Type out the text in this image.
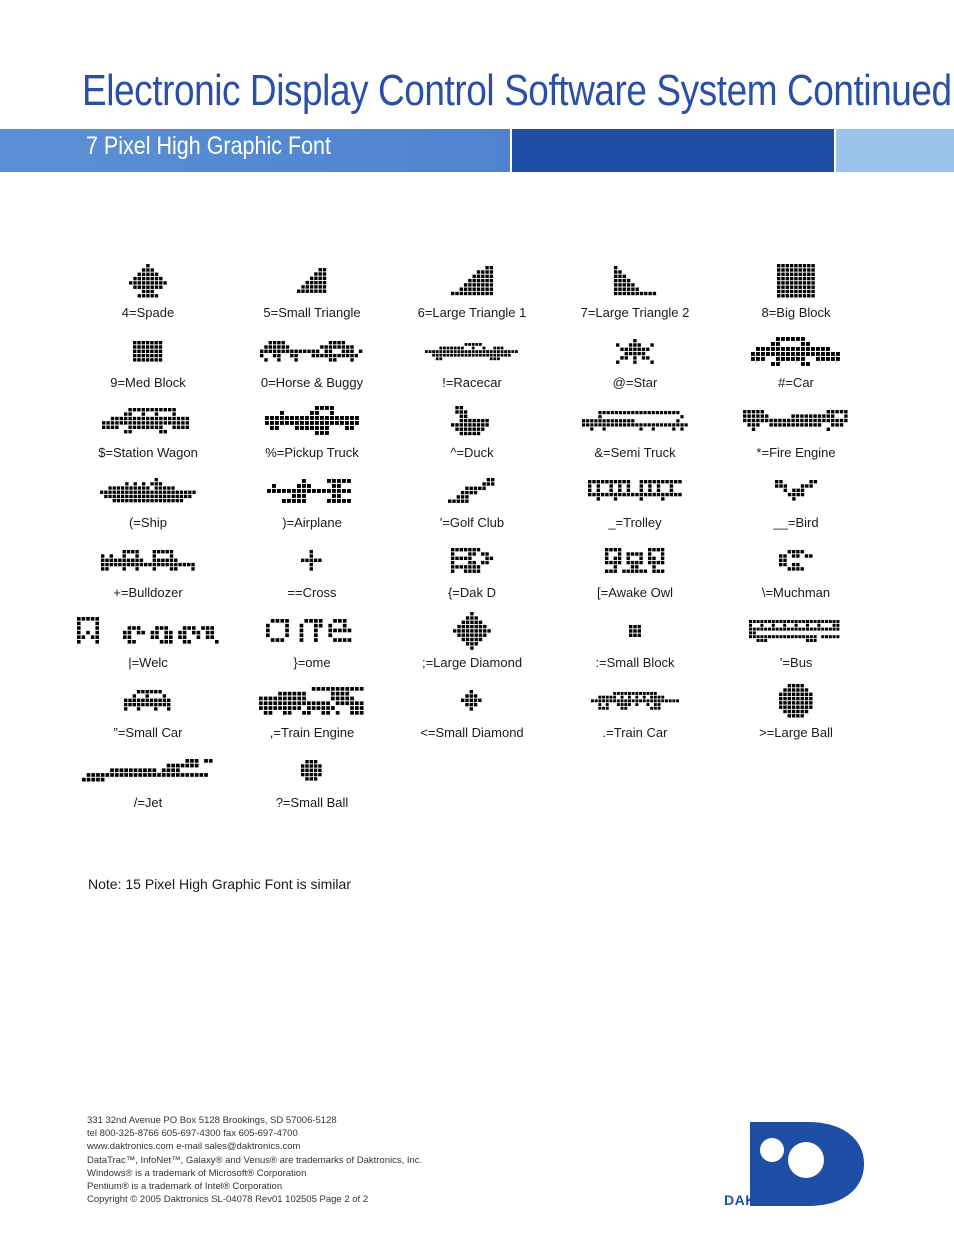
Electronic Display Control Software System Continued
7 Pixel High Graphic Font
4=Spade	5=Small Triangle	6=Large Triangle 1	7=Large Triangle 2	8=Big Block
9=Med Block	0=Horse & Buggy	!=Racecar	@=Star	#=Car
$=Station Wagon	%=Pickup Truck	^=Duck	&=Semi Truck	*=Fire Engine
(=Ship	)=Airplane	'=Golf Club	_=Trolley	__=Bird
+=Bulldozer	==Cross	{=Dak D	[=Awake Owl	\=Muchman
|=Welc	}=ome	;=Large Diamond	:=Small Block	’=Bus
”=Small Car	,=Train Engine	<=Small Diamond	.=Train Car	>=Large Ball
/=Jet	?=Small Ball
Note: 15 Pixel High Graphic Font is similar

331 32nd Avenue PO Box 5128 Brookings, SD 57006-5128

tel 800-325-8766 605-697-4300 fax 605-697-4700

www.daktronics.com e-mail sales@daktronics.com

DataTrac™, InfoNet™, Galaxy® and Venus® are trademarks of Daktronics, Inc.

Windows® is a trademark of Microsoft® Corporation

Pentium® is a trademark of Intel® Corporation

Copyright © 2005 Daktronics SL-04078 Rev01 102505 Page 2 of 2

®
DAKTRONICS
